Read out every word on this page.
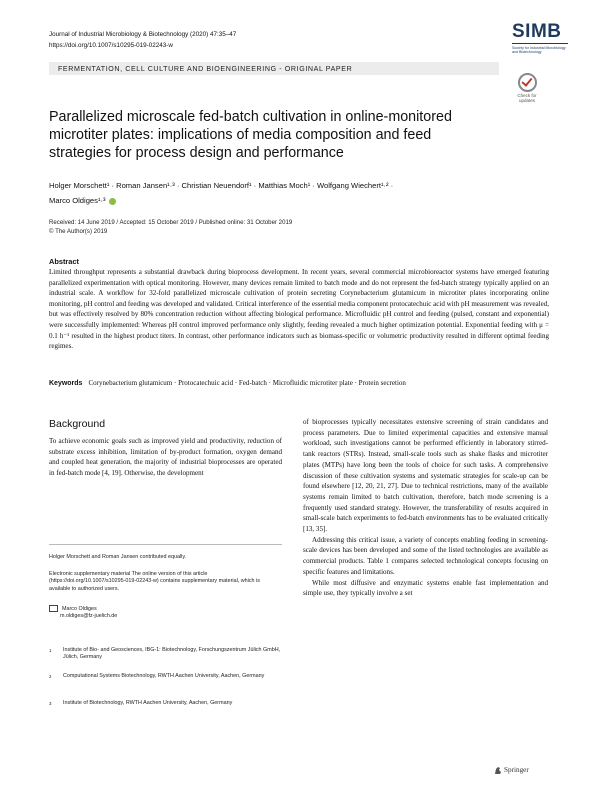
Journal of Industrial Microbiology & Biotechnology (2020) 47:35–47
https://doi.org/10.1007/s10295-019-02243-w
SIMB
Society for Industrial Microbiology and Biotechnology
FERMENTATION, CELL CULTURE AND BIOENGINEERING - ORIGINAL PAPER
Check for updates
Parallelized microscale fed-batch cultivation in online-monitored microtiter plates: implications of media composition and feed strategies for process design and performance
Holger Morschett¹ · Roman Jansen¹·³ · Christian Neuendorf¹ · Matthias Moch¹ · Wolfgang Wiechert¹·² ·
Marco Oldiges¹·³
Received: 14 June 2019 / Accepted: 15 October 2019 / Published online: 31 October 2019
© The Author(s) 2019
Abstract
Limited throughput represents a substantial drawback during bioprocess development. In recent years, several commercial microbioreactor systems have emerged featuring parallelized experimentation with optical monitoring. However, many devices remain limited to batch mode and do not represent the fed-batch strategy typically applied on an industrial scale. A workflow for 32-fold parallelized microscale cultivation of protein secreting Corynebacterium glutamicum in microtiter plates incorporating online monitoring, pH control and feeding was developed and validated. Critical interference of the essential media component protocatechuic acid with pH measurement was revealed, but was effectively resolved by 80% concentration reduction without affecting biological performance. Microfluidic pH control and feeding (pulsed, constant and exponential) were successfully implemented: Whereas pH control improved performance only slightly, feeding revealed a much higher optimization potential. Exponential feeding with μ = 0.1 h⁻¹ resulted in the highest product titers. In contrast, other performance indicators such as biomass-specific or volumetric productivity resulted in different optimal feeding regimes.
Keywords Corynebacterium glutamicum · Protocatechuic acid · Fed-batch · Microfluidic microtiter plate · Protein secretion
Background
To achieve economic goals such as improved yield and productivity, reduction of substrate excess inhibition, limitation of by-product formation, oxygen demand and coupled heat generation, the majority of industrial bioprocesses are operated in fed-batch mode [4, 19]. Otherwise, the development

of bioprocesses typically necessitates extensive screening of strain candidates and process parameters. Due to limited experimental capacities and extensive manual workload, such investigations cannot be performed efficiently in laboratory stirred-tank reactors (STRs). Instead, small-scale tools such as shake flasks and microtiter plates (MTPs) have long been the tools of choice for such tasks. A comprehensive discussion of these cultivation systems and systematic strategies for scale-up can be found elsewhere [12, 20, 21, 27]. Due to technical restrictions, many of the available systems remain limited to batch cultivation, therefore, batch mode screening is a frequently used standard strategy. However, the transferability of results acquired in small-scale batch experiments to fed-batch environments has to be evaluated critically [13, 35].

Addressing this critical issue, a variety of concepts enabling feeding in screening-scale devices has been developed and some of the listed technologies are available as commercial products. Table 1 compares selected technological concepts focusing on specific features and limitations.

While most diffusive and enzymatic systems enable fast implementation and simple use, they typically involve a set

Holger Morschett and Roman Jansen contributed equally.
Electronic supplementary material The online version of this article (https://doi.org/10.1007/s10295-019-02243-w) contains supplementary material, which is available to authorized users.
Marco Oldiges
m.oldiges@fz-juelich.de
1 Institute of Bio- and Geosciences, IBG-1: Biotechnology, Forschungszentrum Jülich GmbH, Jülich, Germany
2 Computational Systems Biotechnology, RWTH Aachen University, Aachen, Germany
3 Institute of Biotechnology, RWTH Aachen University, Aachen, Germany
Springer
